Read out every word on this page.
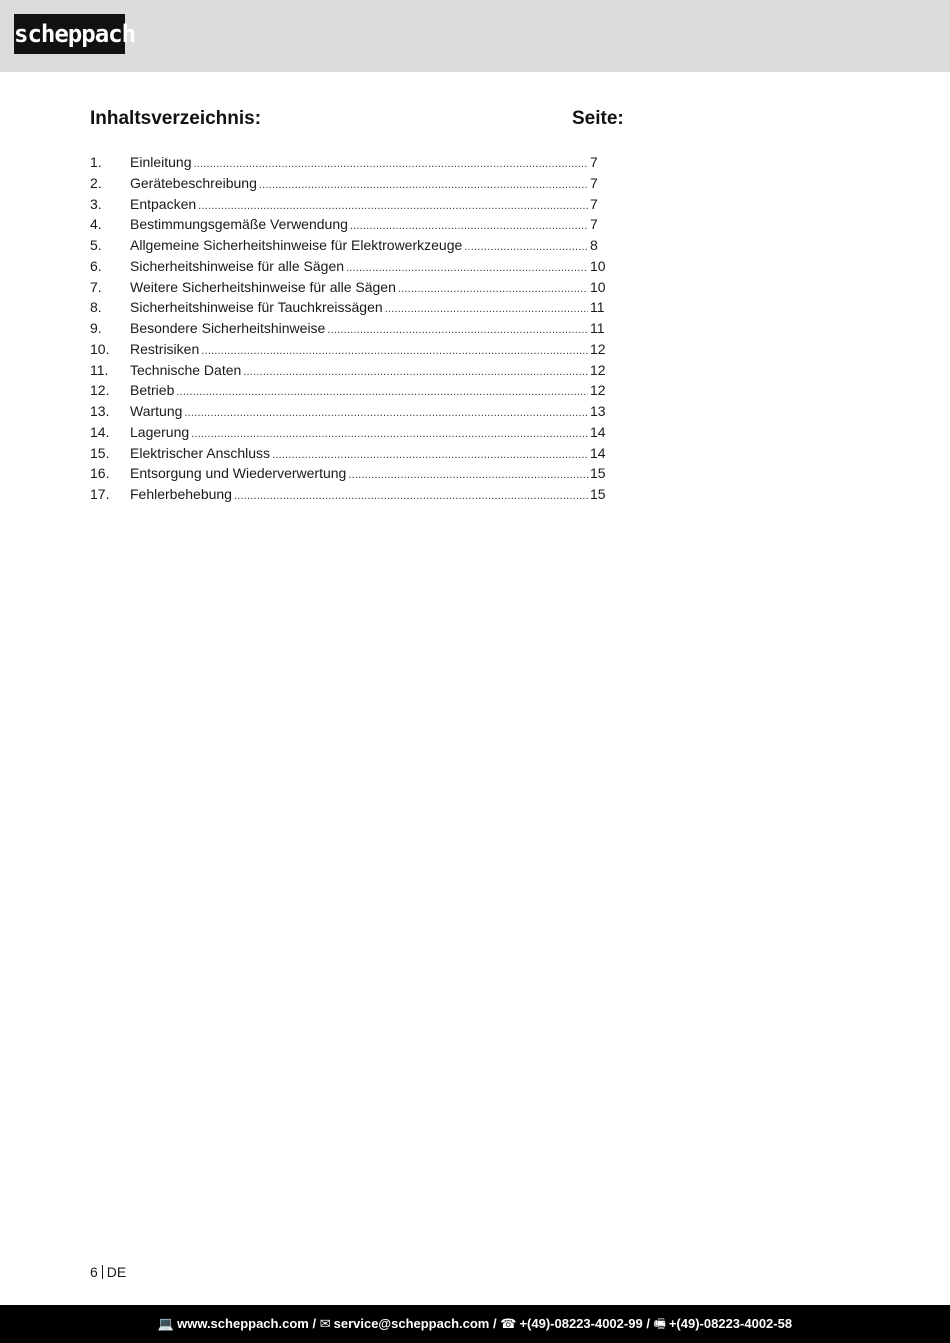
scheppach
Inhaltsverzeichnis:	Seite:
1.	Einleitung .....	7
2.	Gerätebeschreibung .....	7
3.	Entpacken .....	7
4.	Bestimmungsgemäße Verwendung .....	7
5.	Allgemeine Sicherheitshinweise für Elektrowerkzeuge .....	8
6.	Sicherheitshinweise für alle Sägen .....	10
7.	Weitere Sicherheitshinweise für alle Sägen .....	10
8.	Sicherheitshinweise für Tauchkreissägen .....	11
9.	Besondere Sicherheitshinweise .....	11
10.	Restrisiken .....	12
11.	Technische Daten .....	12
12.	Betrieb .....	12
13.	Wartung .....	13
14.	Lagerung .....	14
15.	Elektrischer Anschluss .....	14
16.	Entsorgung und Wiederverwertung .....	15
17.	Fehlerbehebung .....	15
6 DE
💻 www.scheppach.com / ✉ service@scheppach.com / ☎ +(49)-08223-4002-99 / 🖷 +(49)-08223-4002-58
